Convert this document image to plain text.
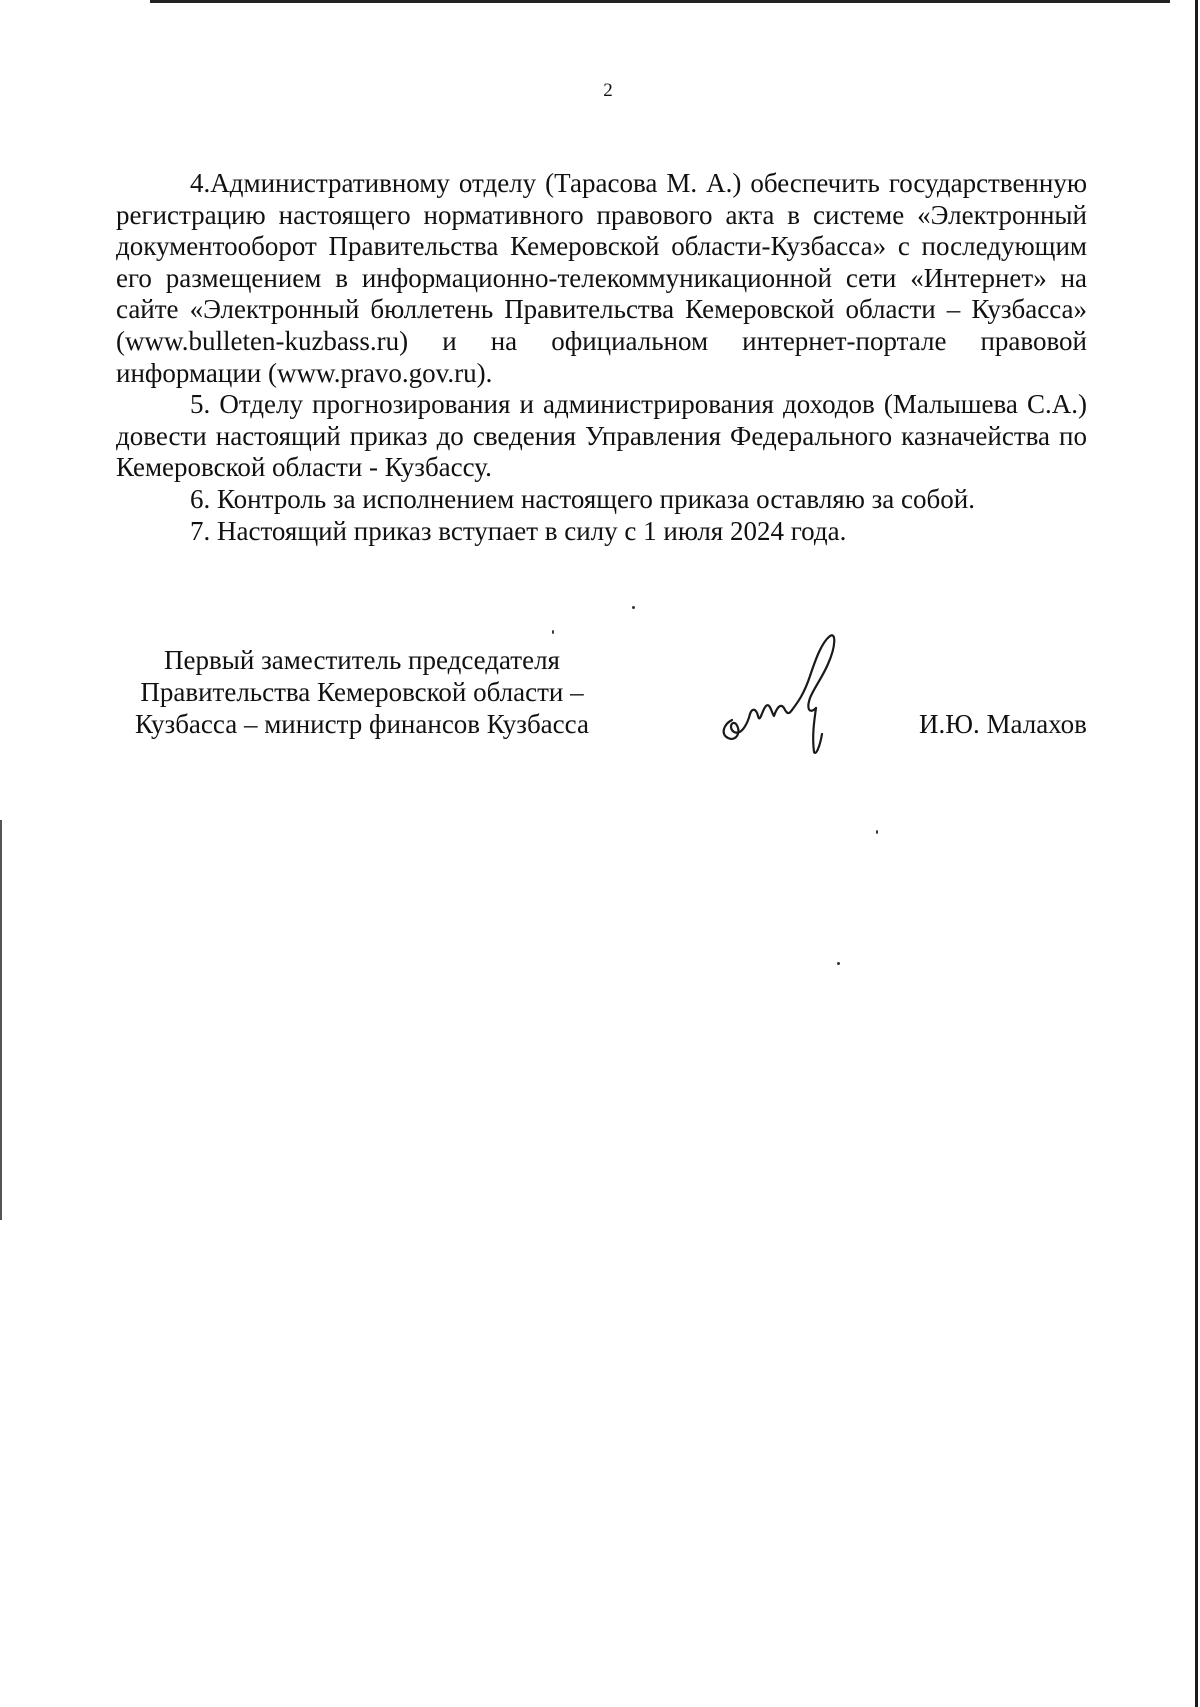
2

4.Административному отделу (Тарасова М. А.) обеспечить государственную регистрацию настоящего нормативного правового акта в системе «Электронный документооборот Правительства Кемеровской области-Кузбасса» с последующим его размещением в информационно-телекоммуникационной сети «Интернет» на сайте «Электронный бюллетень Правительства Кемеровской области – Кузбасса» (www.bulleten-kuzbass.ru) и на официальном интернет-портале правовой информации (www.pravo.gov.ru).

5. Отделу прогнозирования и администрирования доходов (Малышева С.А.) довести настоящий приказ до сведения Управления Федерального казначейства по Кемеровской области - Кузбассу.

6. Контроль за исполнением настоящего приказа оставляю за собой.

7. Настоящий приказ вступает в силу с 1 июля 2024 года.

Первый заместитель председателя
Правительства Кемеровской области –
Кузбасса – министр финансов Кузбасса	И.Ю. Малахов
